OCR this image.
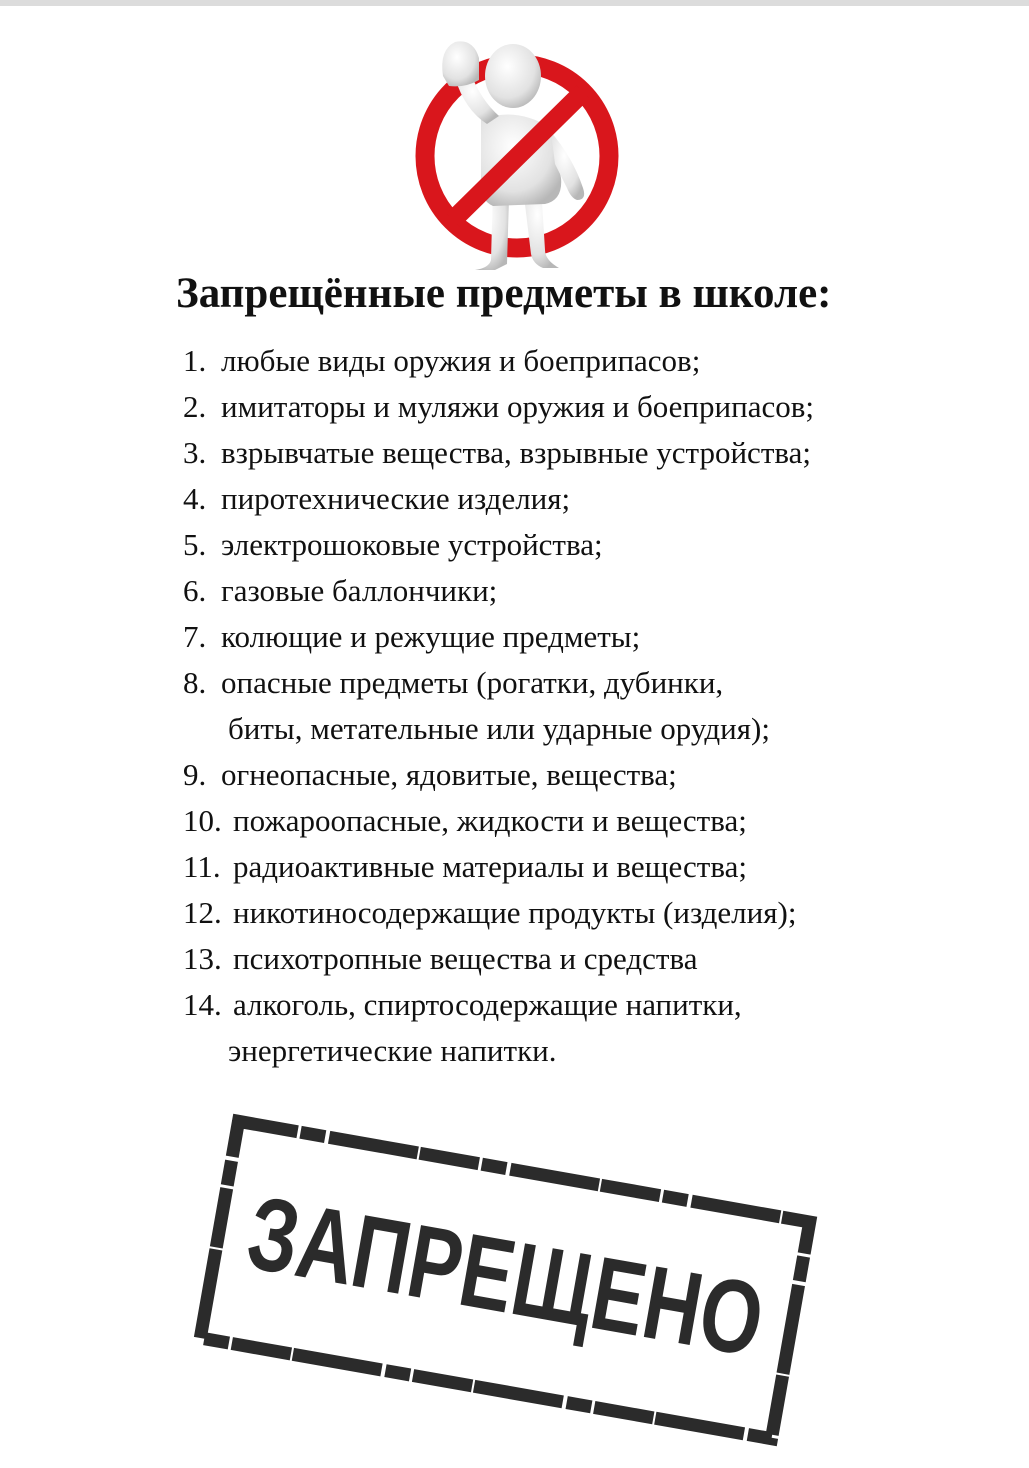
Запрещённые предметы в школе:
1. любые виды оружия и боеприпасов;
2. имитаторы и муляжи оружия и боеприпасов;
3. взрывчатые вещества, взрывные устройства;
4. пиротехнические изделия;
5. электрошоковые устройства;
6. газовые баллончики;
7. колющие и режущие предметы;
8. опасные предметы (рогатки, дубинки,
биты, метательные или ударные орудия);
9. огнеопасные, ядовитые, вещества;
10. пожароопасные, жидкости и вещества;
11. радиоактивные материалы и вещества;
12. никотиносодержащие продукты (изделия);
13. психотропные вещества и средства
14. алкоголь, спиртосодержащие напитки,
энергетические напитки.
ЗАПРЕЩЕНО
